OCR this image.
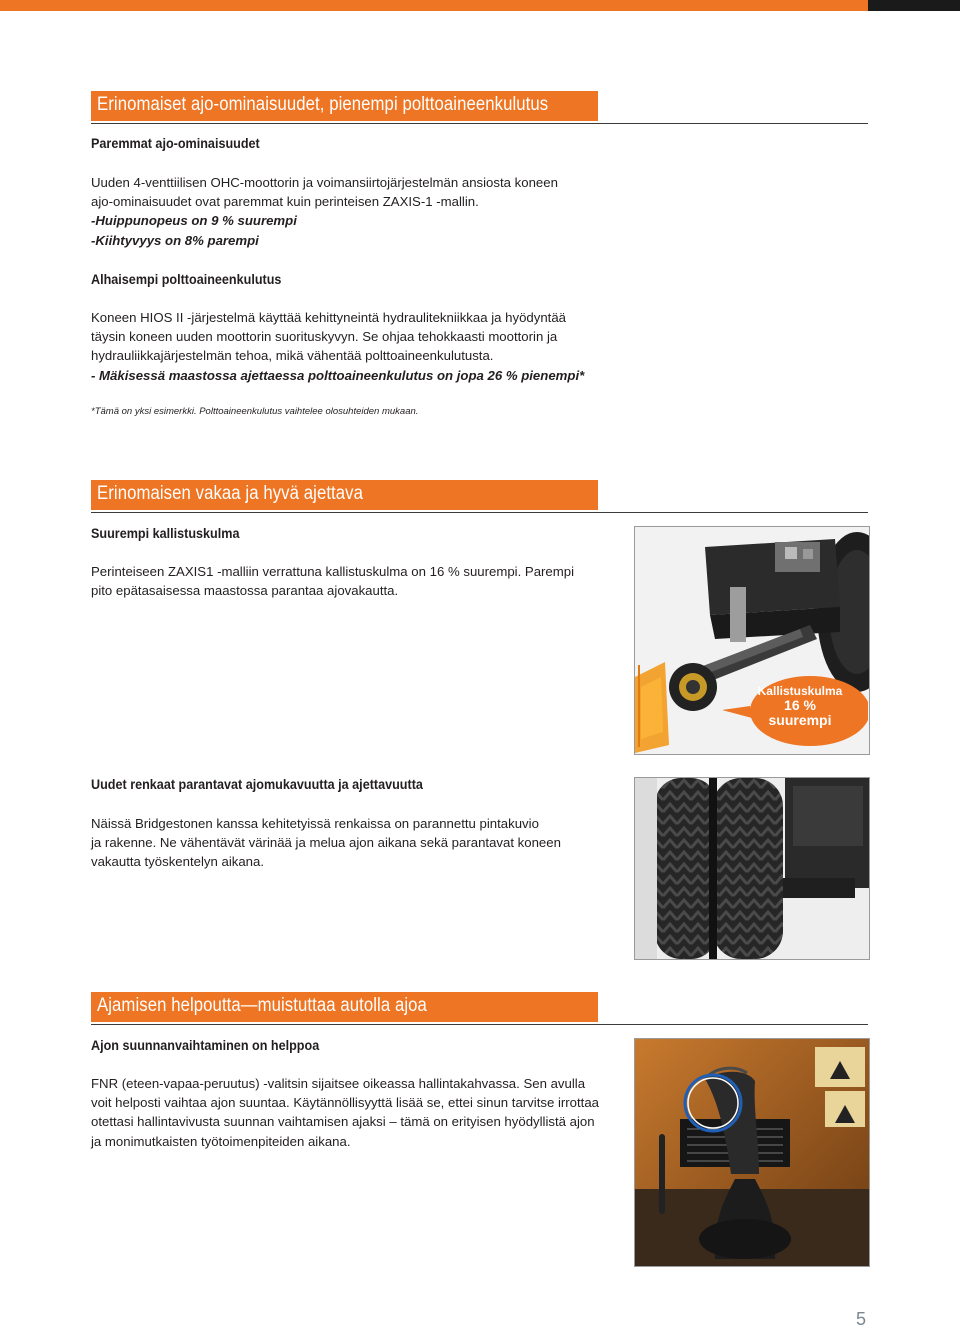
Erinomaiset ajo-ominaisuudet, pienempi polttoaineenkulutus
Paremmat ajo-ominaisuudet
Uuden 4-venttiilisen OHC-moottorin ja voimansiirtojärjestelmän ansiosta koneen
ajo-ominaisuudet ovat paremmat kuin perinteisen ZAXIS-1 -mallin.
-Huippunopeus on 9 % suurempi
-Kiihtyvyys on 8% parempi
Alhaisempi polttoaineenkulutus
Koneen HIOS II -järjestelmä käyttää kehittyneintä hydraulitekniikkaa ja hyödyntää
täysin koneen uuden moottorin suorituskyvyn. Se ohjaa tehokkaasti moottorin ja
hydrauliikkajärjestelmän tehoa, mikä vähentää polttoaineenkulutusta.
- Mäkisessä maastossa ajettaessa polttoaineenkulutus on jopa 26 % pienempi*
*Tämä on yksi esimerkki. Polttoaineenkulutus vaihtelee olosuhteiden mukaan.
Erinomaisen vakaa ja hyvä ajettava
Suurempi kallistuskulma
Perinteiseen ZAXIS1 -malliin verrattuna kallistuskulma on 16 % suurempi. Parempi
pito epätasaisessa maastossa parantaa ajovakautta.
Kallistuskulma
16 %
suurempi
Uudet renkaat parantavat ajomukavuutta ja ajettavuutta
Näissä Bridgestonen kanssa kehitetyissä renkaissa on parannettu pintakuvio
ja rakenne. Ne vähentävät värinää ja melua ajon aikana sekä parantavat koneen
vakautta työskentelyn aikana.
Ajamisen helpoutta—muistuttaa autolla ajoa
Ajon suunnanvaihtaminen on helppoa
FNR (eteen-vapaa-peruutus) -valitsin sijaitsee oikeassa hallintakahvassa. Sen avulla
voit helposti vaihtaa ajon suuntaa. Käytännöllisyyttä lisää se, ettei sinun tarvitse irrottaa
otettasi hallintavivusta suunnan vaihtamisen ajaksi – tämä on erityisen hyödyllistä ajon
ja monimutkaisten työtoimenpiteiden aikana.
5
